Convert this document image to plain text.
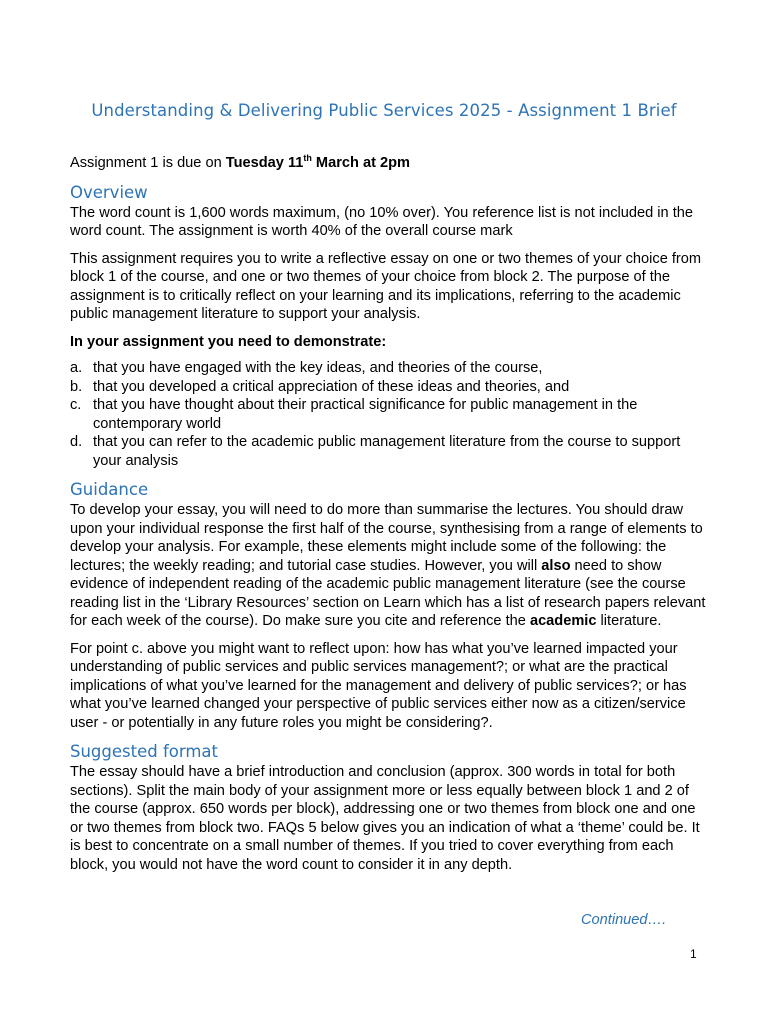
Understanding & Delivering Public Services 2025 - Assignment 1 Brief

Assignment 1 is due on Tuesday 11th March at 2pm

Overview

The word count is 1,600 words maximum, (no 10% over). You reference list is not included in the word count. The assignment is worth 40% of the overall course mark

This assignment requires you to write a reflective essay on one or two themes of your choice from block 1 of the course, and one or two themes of your choice from block 2. The purpose of the assignment is to critically reflect on your learning and its implications, referring to the academic public management literature to support your analysis.

In your assignment you need to demonstrate:

a. that you have engaged with the key ideas, and theories of the course,
b. that you developed a critical appreciation of these ideas and theories, and
c. that you have thought about their practical significance for public management in the contemporary world
d. that you can refer to the academic public management literature from the course to support your analysis
Guidance

To develop your essay, you will need to do more than summarise the lectures. You should draw upon your individual response the first half of the course, synthesising from a range of elements to develop your analysis. For example, these elements might include some of the following: the lectures; the weekly reading; and tutorial case studies. However, you will also need to show evidence of independent reading of the academic public management literature (see the course reading list in the ‘Library Resources’ section on Learn which has a list of research papers relevant for each week of the course). Do make sure you cite and reference the academic literature.

For point c. above you might want to reflect upon: how has what you’ve learned impacted your understanding of public services and public services management?; or what are the practical implications of what you’ve learned for the management and delivery of public services?; or has what you’ve learned changed your perspective of public services either now as a citizen/service user - or potentially in any future roles you might be considering?.

Suggested format

The essay should have a brief introduction and conclusion (approx. 300 words in total for both sections). Split the main body of your assignment more or less equally between block 1 and 2 of the course (approx. 650 words per block), addressing one or two themes from block one and one or two themes from block two. FAQs 5 below gives you an indication of what a ‘theme’ could be. It is best to concentrate on a small number of themes. If you tried to cover everything from each block, you would not have the word count to consider it in any depth.

Continued….
1
